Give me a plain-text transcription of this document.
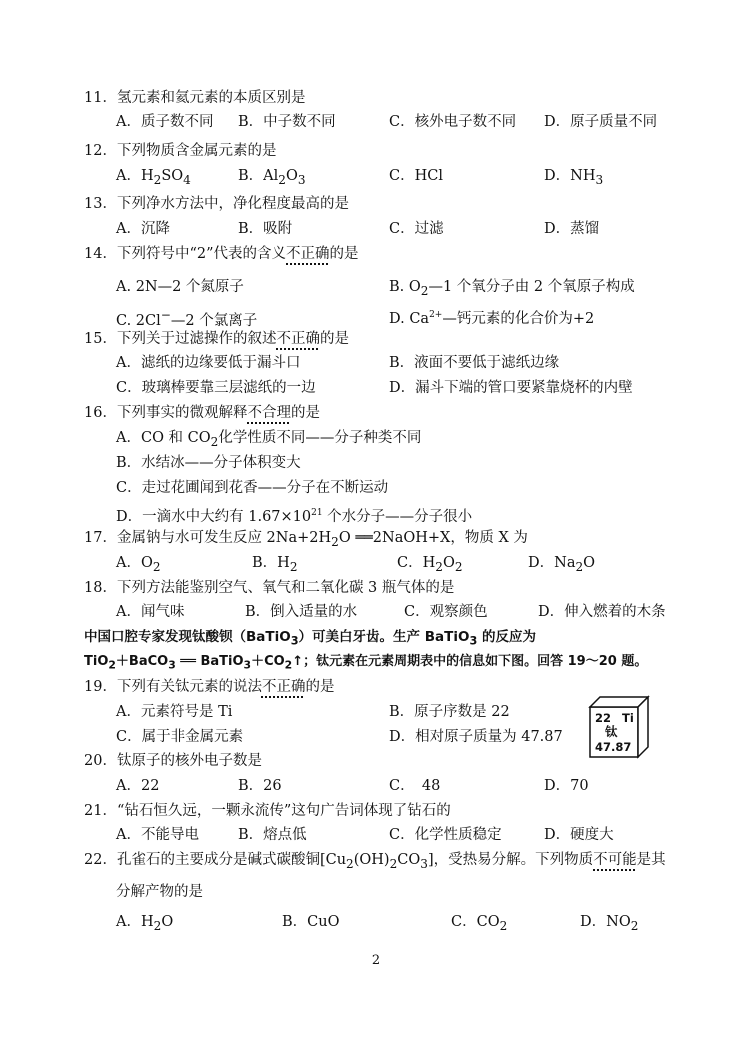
11．氢元素和氦元素的本质区别是
A．质子数不同 B．中子数不同	C．核外电子数不同 D．原子质量不同
12．下列物质含金属元素的是
A．$H_2SO_4$	B．$Al_2O_3$	C．HCl	D．$NH_3$
13．下列净水方法中，净化程度最高的是
A．沉降	B．吸附	C．过滤	D．蒸馏
14．下列符号中“2”代表的含义不正确的是
A. 2N—2 个氮原子	B. $O_2—1$ 个氧分子由 2 个氧原子构成
C. 2Cl−—2 个氯离子	D. $Ca^{2+}—$钙元素的化合价为+2
15．下列关于过滤操作的叙述不正确的是
A．滤纸的边缘要低于漏斗口	B．液面不要低于滤纸边缘
C．玻璃棒要靠三层滤纸的一边	D．漏斗下端的管口要紧靠烧杯的内壁
16．下列事实的微观解释不合理的是
A．CO 和 $CO_2$化学性质不同——分子种类不同
B．水结冰——分子体积变大
C．走过花圃闻到花香——分子在不断运动
D．一滴水中大约有 $1.67\times 10^{21}$ 个水分子——分子很小
17．金属钠与水可发生反应 $2Na+2H_2O$ ══2NaOH+X，物质 X 为
A．$O_2$	B．$H_2$	C．$H_2O_2$	D．$Na_2O$
18．下列方法能鉴别空气、氧气和二氧化碳 3 瓶气体的是
A．闻气味	B．倒入适量的水	C．观察颜色	D．伸入燃着的木条
中国口腔专家发现钛酸钡（BaTiO$_3$）可美白牙齿。生产 BaTiO$_3$ 的反应为
TiO$_2$＋BaCO$_3$ ══ $BaTiO_3+CO_2↑$；钛元素在元素周期表中的信息如下图。回答 19～20 题。
19．下列有关钛元素的说法不正确的是
A．元素符号是 Ti	B．原子序数是 22
C．属于非金属元素	D．相对原子质量为 47.87
22 Ti
钛
47.87
20．钛原子的核外电子数是
A．22	B．26	C．　48	D．70
21．“钻石恒久远，一颗永流传”这句广告词体现了钻石的
A．不能导电	B．熔点低	C．化学性质稳定	D．硬度大
22．孔雀石的主要成分是碱式碳酸铜$[Cu_2(OH)_2CO_3]$，受热易分解。下列物质不可能是其
分解产物的是
A．$H_2O$	B．CuO	C．$CO_2$	D．$NO_2$
2
